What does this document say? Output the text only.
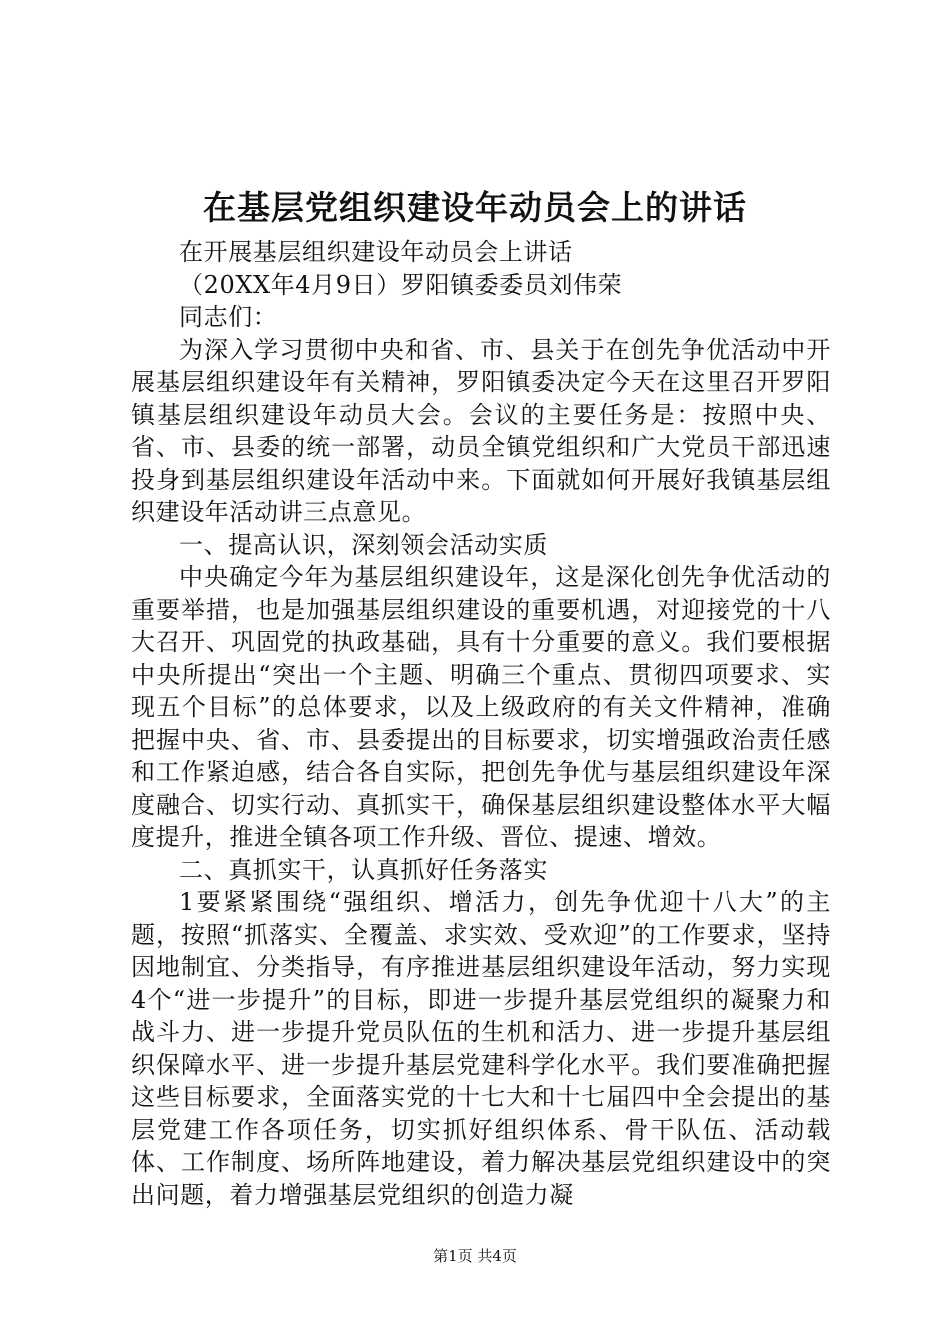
在基层党组织建设年动员会上的讲话

在开展基层组织建设年动员会上讲话

（20XX年4月9日）罗阳镇委委员刘伟荣

同志们：

为深入学习贯彻中央和省、市、县关于在创先争优活动中开展基层组织建设年有关精神，罗阳镇委决定今天在这里召开罗阳镇基层组织建设年动员大会。会议的主要任务是：按照中央、省、市、县委的统一部署，动员全镇党组织和广大党员干部迅速投身到基层组织建设年活动中来。下面就如何开展好我镇基层组织建设年活动讲三点意见。

一、提高认识，深刻领会活动实质

中央确定今年为基层组织建设年，这是深化创先争优活动的重要举措，也是加强基层组织建设的重要机遇，对迎接党的十八大召开、巩固党的执政基础，具有十分重要的意义。我们要根据中央所提出“突出一个主题、明确三个重点、贯彻四项要求、实现五个目标”的总体要求，以及上级政府的有关文件精神，准确把握中央、省、市、县委提出的目标要求，切实增强政治责任感和工作紧迫感，结合各自实际，把创先争优与基层组织建设年深度融合、切实行动、真抓实干，确保基层组织建设整体水平大幅度提升，推进全镇各项工作升级、晋位、提速、增效。

二、真抓实干，认真抓好任务落实

1要紧紧围绕“强组织、增活力，创先争优迎十八大”的主题，按照“抓落实、全覆盖、求实效、受欢迎”的工作要求，坚持因地制宜、分类指导，有序推进基层组织建设年活动，努力实现4个“进一步提升”的目标，即进一步提升基层党组织的凝聚力和战斗力、进一步提升党员队伍的生机和活力、进一步提升基层组织保障水平、进一步提升基层党建科学化水平。我们要准确把握这些目标要求，全面落实党的十七大和十七届四中全会提出的基层党建工作各项任务，切实抓好组织体系、骨干队伍、活动载体、工作制度、场所阵地建设，着力解决基层党组织建设中的突出问题，着力增强基层党组织的创造力凝

第1页 共4页
